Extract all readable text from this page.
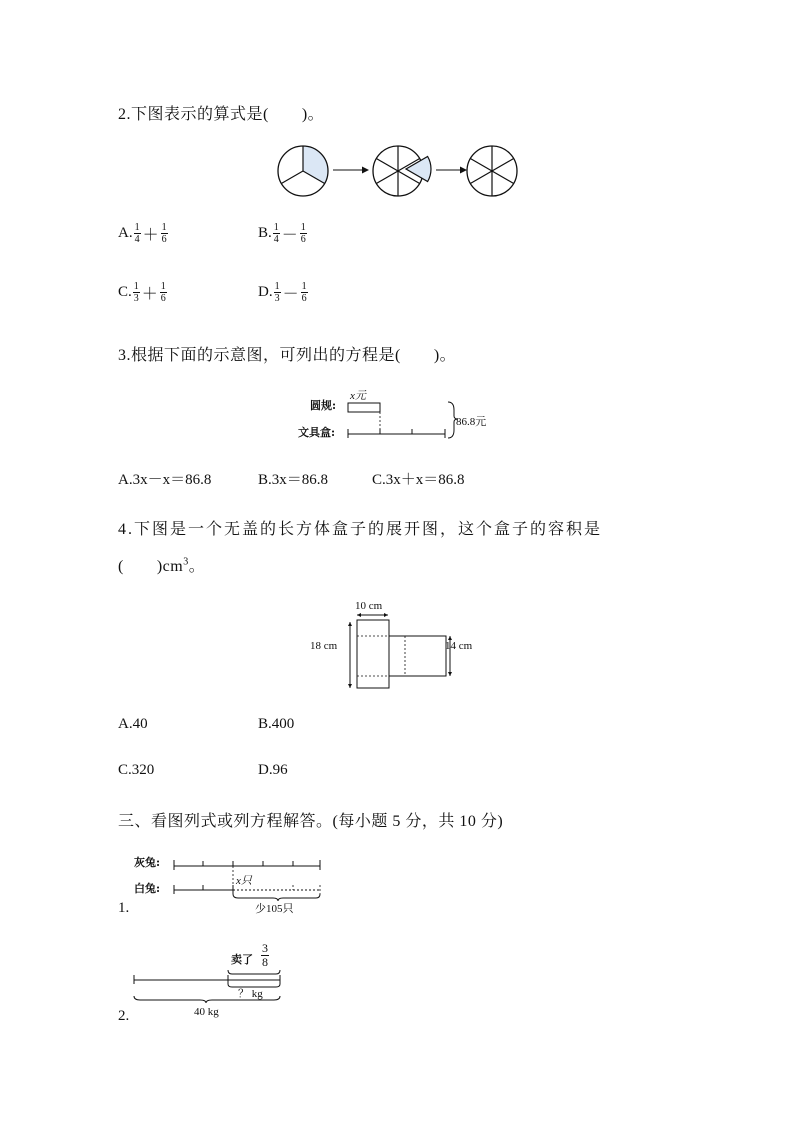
2.下图表示的算式是(　　)。
A. $\frac{1}{4} + \frac{1}{6}$	B. $\frac{1}{4} - \frac{1}{6}$
C. $\frac{1}{3} + \frac{1}{6}$	D. $\frac{1}{3} - \frac{1}{6}$
3.根据下面的示意图，可列出的方程是(　　)。
圆规:
文具盒:
x元
86.8元
A.3x－x＝86.8	B.3x＝86.8	C.3x＋x＝86.8
4.下图是一个无盖的长方体盒子的展开图，这个盒子的容积是
(　　)$cm^3$。
10 cm
18 cm	14 cm
A.40	B.400
C.320	D.96
三、看图列式或列方程解答。(每小题 5 分，共 10 分)
1.
灰兔:
白兔:
x只
少105只
2.
卖了 $\frac{3}{8}$
？ kg
40 kg
